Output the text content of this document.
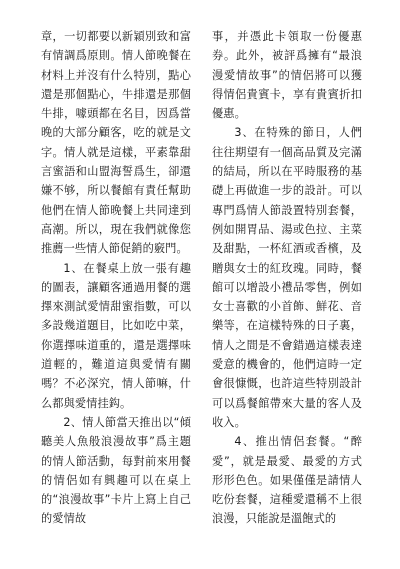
章，一切都要以新穎別致和富有情調爲原則。情人節晚餐在材料上并沒有什么特別，點心還是那個點心，牛排還是那個牛排，噱頭都在名目，因爲當晚的大部分顧客，吃的就是文字。情人就是這樣，平素靠甜言蜜語和山盟海誓爲生，卻還嫌不够，所以餐館有責任幫助他們在情人節晚餐上共同達到高潮。所以，現在我們就像您推薦一些情人節促銷的竅門。

1、在餐桌上放一張有趣的圖表，讓顧客通過用餐的選擇來測試愛情甜蜜指數，可以多設幾道題目，比如吃中菜，你選擇味道重的，還是選擇味道輕的，難道這與愛情有關嗎？不必深究，情人節嘛，什么都與愛情挂鈎。

2、情人節當天推出以“傾聽美人魚般浪漫故事”爲主題的情人節活動，每對前來用餐的情侶如有興趣可以在桌上的“浪漫故事”卡片上寫上自己的愛情故

事，并憑此卡領取一份優惠券。此外，被評爲擁有“最浪漫愛情故事”的情侶將可以獲得情侶貴賓卡，享有貴賓折扣優惠。

3、在特殊的節日，人們往往期望有一個高品質及完滿的結局，所以在平時服務的基礎上再做進一步的設計。可以專門爲情人節設置特別套餐，例如開胃品、湯或色拉、主菜及甜點，一杯紅酒或香檳，及贈與女士的紅玫瑰。同時，餐館可以增設小禮品零售，例如女士喜歡的小首飾、鮮花、音樂等，在這樣特殊的日子裏，情人之間是不會錯過這樣表達愛意的機會的，他們這時一定會很慷慨，也許這些特別設計可以爲餐館帶來大量的客人及收入。

4、推出情侶套餐。“醉愛”，就是最愛、最愛的方式形形色色。如果僅僅是請情人吃份套餐，這種愛還稱不上很浪漫，只能說是溫飽式的
